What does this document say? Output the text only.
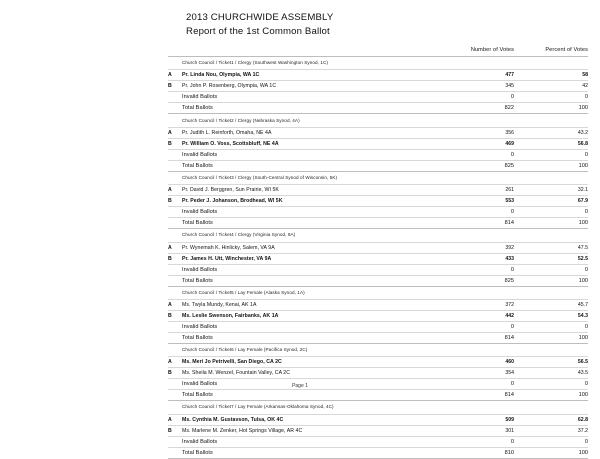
2013 CHURCHWIDE ASSEMBLY
Report of the 1st Common Ballot
Number of Votes	Percent of Votes
Church Council / Ticket1 / Clergy (Southwest Washington Synod, 1C)
A	Pr. Linda Nou, Olympia, WA 1C	477	58
B	Pr. John P. Rosenberg, Olympia, WA 1C	345	42
Invalid Ballots	0	0
Total Ballots	822	100
Church Council / Ticket2 / Clergy (Nebraska Synod, 4A)
A	Pr. Judith L. Reinforth, Omaha, NE 4A	356	43.2
B	Pr. William O. Voss, Scottsbluff, NE 4A	469	56.8
Invalid Ballots	0	0
Total Ballots	825	100
Church Council / Ticket3 / Clergy (South-Central Synod of Wisconsin, 5K)
A	Pr. David J. Berggren, Sun Prairie, WI 5K	261	32.1
B	Pr. Peder J. Johanson, Brodhead, WI 5K	553	67.9
Invalid Ballots	0	0
Total Ballots	814	100
Church Council / Ticket4 / Clergy (Virginia Synod, 9A)
A	Pr. Wynemah K. Hinlicky, Salem, VA 9A	392	47.5
B	Pr. James H. Utt, Winchester, VA 9A	433	52.5
Invalid Ballots	0	0
Total Ballots	825	100
Church Council / Ticket5 / Lay Female (Alaska Synod, 1A)
A	Ms. Twyla Mundy, Kenai, AK 1A	372	45.7
B	Ms. Leslie Swenson, Fairbanks, AK 1A	442	54.3
Invalid Ballots	0	0
Total Ballots	814	100
Church Council / Ticket6 / Lay Female (Pacifica Synod, 2C)
A	Ms. Meri Jo Petrivelli, San Diego, CA 2C	460	56.5
B	Ms. Sheila M. Wenzel, Fountain Valley, CA 2C	354	43.5
Invalid Ballots	0	0
Total Ballots	814	100
Church Council / Ticket7 / Lay Female (Arkansas-Oklahoma Synod, 4C)
A	Ms. Cynthia M. Gustavson, Tulsa, OK 4C	509	62.8
B	Ms. Marlene M. Zenker, Hot Springs Village, AR 4C	301	37.2
Invalid Ballots	0	0
Total Ballots	810	100
Page 1
